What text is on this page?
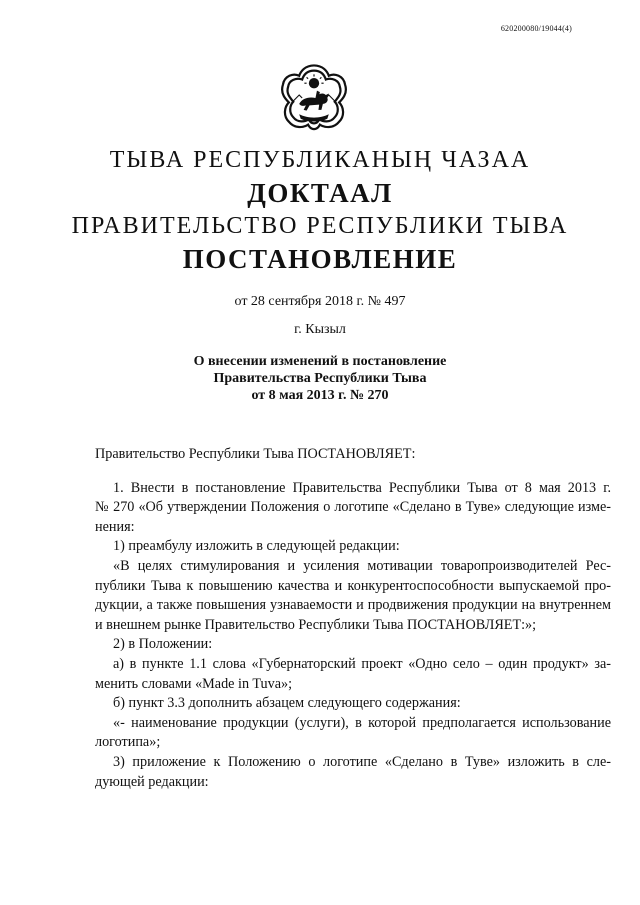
620200080/19044(4)
ТЫВА РЕСПУБЛИКАНЫҢ ЧАЗАА
ДОКТААЛ
ПРАВИТЕЛЬСТВО РЕСПУБЛИКИ ТЫВА
ПОСТАНОВЛЕНИЕ
от 28 сентября 2018 г. № 497
г. Кызыл
О внесении изменений в постановление
Правительства Республики Тыва
от 8 мая 2013 г. № 270

Правительство Республики Тыва ПОСТАНОВЛЯЕТ:

1. Внести в постановление Правительства Республики Тыва от 8 мая 2013 г.
№ 270 «Об утверждении Положения о логотипе «Сделано в Туве» следующие изме-
нения:

1) преамбулу изложить в следующей редакции:

«В целях стимулирования и усиления мотивации товаропроизводителей Рес-
публики Тыва к повышению качества и конкурентоспособности выпускаемой про-
дукции, а также повышения узнаваемости и продвижения продукции на внутреннем
и внешнем рынке Правительство Республики Тыва ПОСТАНОВЛЯЕТ:»;

2) в Положении:

а) в пункте 1.1 слова «Губернаторский проект «Одно село – один продукт» за-
менить словами «Made in Tuva»;

б) пункт 3.3 дополнить абзацем следующего содержания:

«- наименование продукции (услуги), в которой предполагается использование
логотипа»;

3) приложение к Положению о логотипе «Сделано в Туве» изложить в сле-
дующей редакции:
